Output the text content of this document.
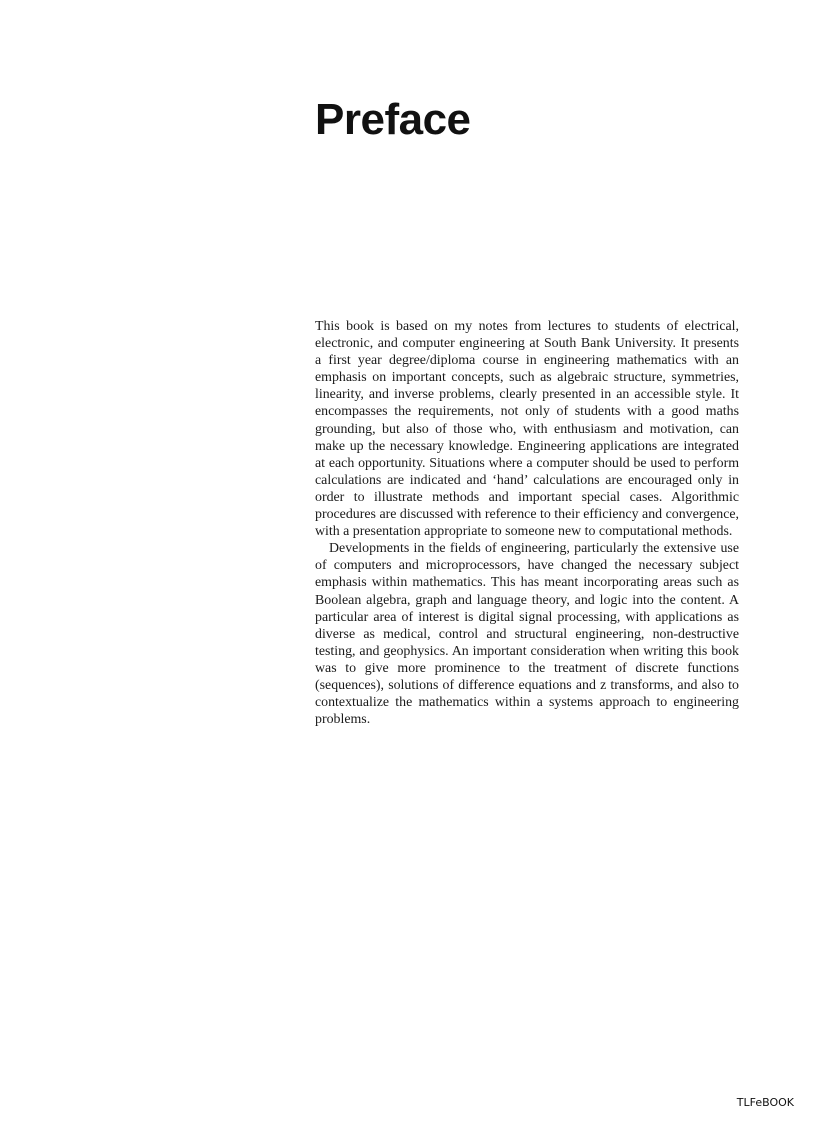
Preface

This book is based on my notes from lectures to students of electrical, electronic, and computer engineering at South Bank University. It presents a first year degree/diploma course in engineering mathematics with an emphasis on important concepts, such as algebraic structure, symmetries, linearity, and inverse problems, clearly presented in an accessible style. It encompasses the requirements, not only of students with a good maths grounding, but also of those who, with enthusiasm and motivation, can make up the necessary knowledge. Engineering applications are integrated at each opportunity. Situations where a computer should be used to perform calculations are indicated and ‘hand’ calculations are encouraged only in order to illustrate methods and important special cases. Algorithmic procedures are discussed with reference to their efficiency and convergence, with a presentation appropriate to someone new to computational methods.

Developments in the fields of engineering, particularly the extensive use of computers and microprocessors, have changed the necessary subject emphasis within mathematics. This has meant incorporating areas such as Boolean algebra, graph and language theory, and logic into the content. A particular area of interest is digital signal processing, with applications as diverse as medical, control and structural engineering, non-destructive testing, and geophysics. An important consideration when writing this book was to give more prominence to the treatment of discrete functions (sequences), solutions of difference equations and z transforms, and also to contextualize the mathematics within a systems approach to engineering problems.

TLFeBOOK
